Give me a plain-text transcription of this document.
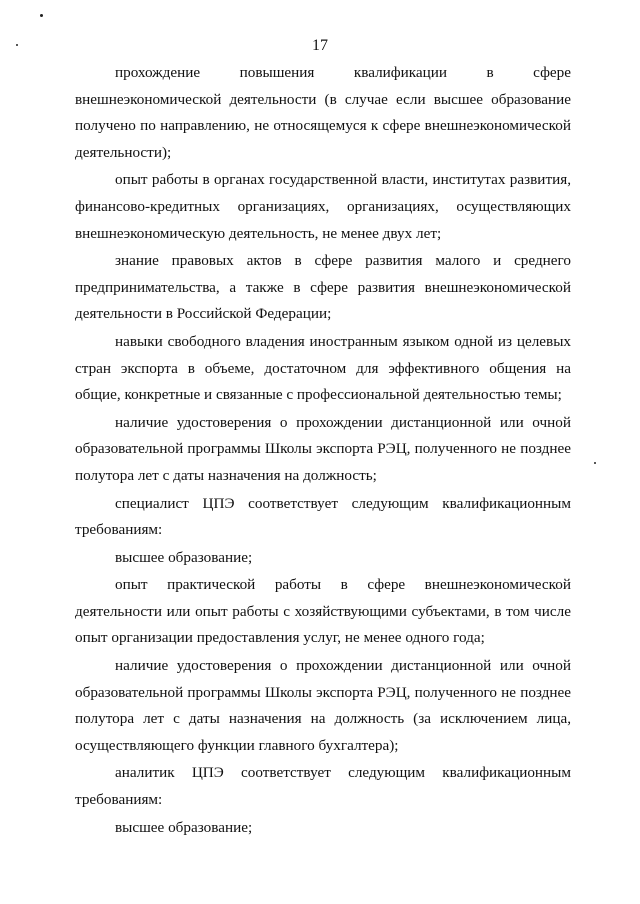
17

прохождение повышения квалификации в сфере внешнеэкономической деятельности (в случае если высшее образование получено по направлению, не относящемуся к сфере внешнеэкономической деятельности);

опыт работы в органах государственной власти, институтах развития, финансово-кредитных организациях, организациях, осуществляющих внешнеэкономическую деятельность, не менее двух лет;

знание правовых актов в сфере развития малого и среднего предпринимательства, а также в сфере развития внешнеэкономической деятельности в Российской Федерации;

навыки свободного владения иностранным языком одной из целевых стран экспорта в объеме, достаточном для эффективного общения на общие, конкретные и связанные с профессиональной деятельностью темы;

наличие удостоверения о прохождении дистанционной или очной образовательной программы Школы экспорта РЭЦ, полученного не позднее полутора лет с даты назначения на должность;

специалист ЦПЭ соответствует следующим квалификационным требованиям:

высшее образование;

опыт практической работы в сфере внешнеэкономической деятельности или опыт работы с хозяйствующими субъектами, в том числе опыт организации предоставления услуг, не менее одного года;

наличие удостоверения о прохождении дистанционной или очной образовательной программы Школы экспорта РЭЦ, полученного не позднее полутора лет с даты назначения на должность (за исключением лица, осуществляющего функции главного бухгалтера);

аналитик ЦПЭ соответствует следующим квалификационным требованиям:

высшее образование;
